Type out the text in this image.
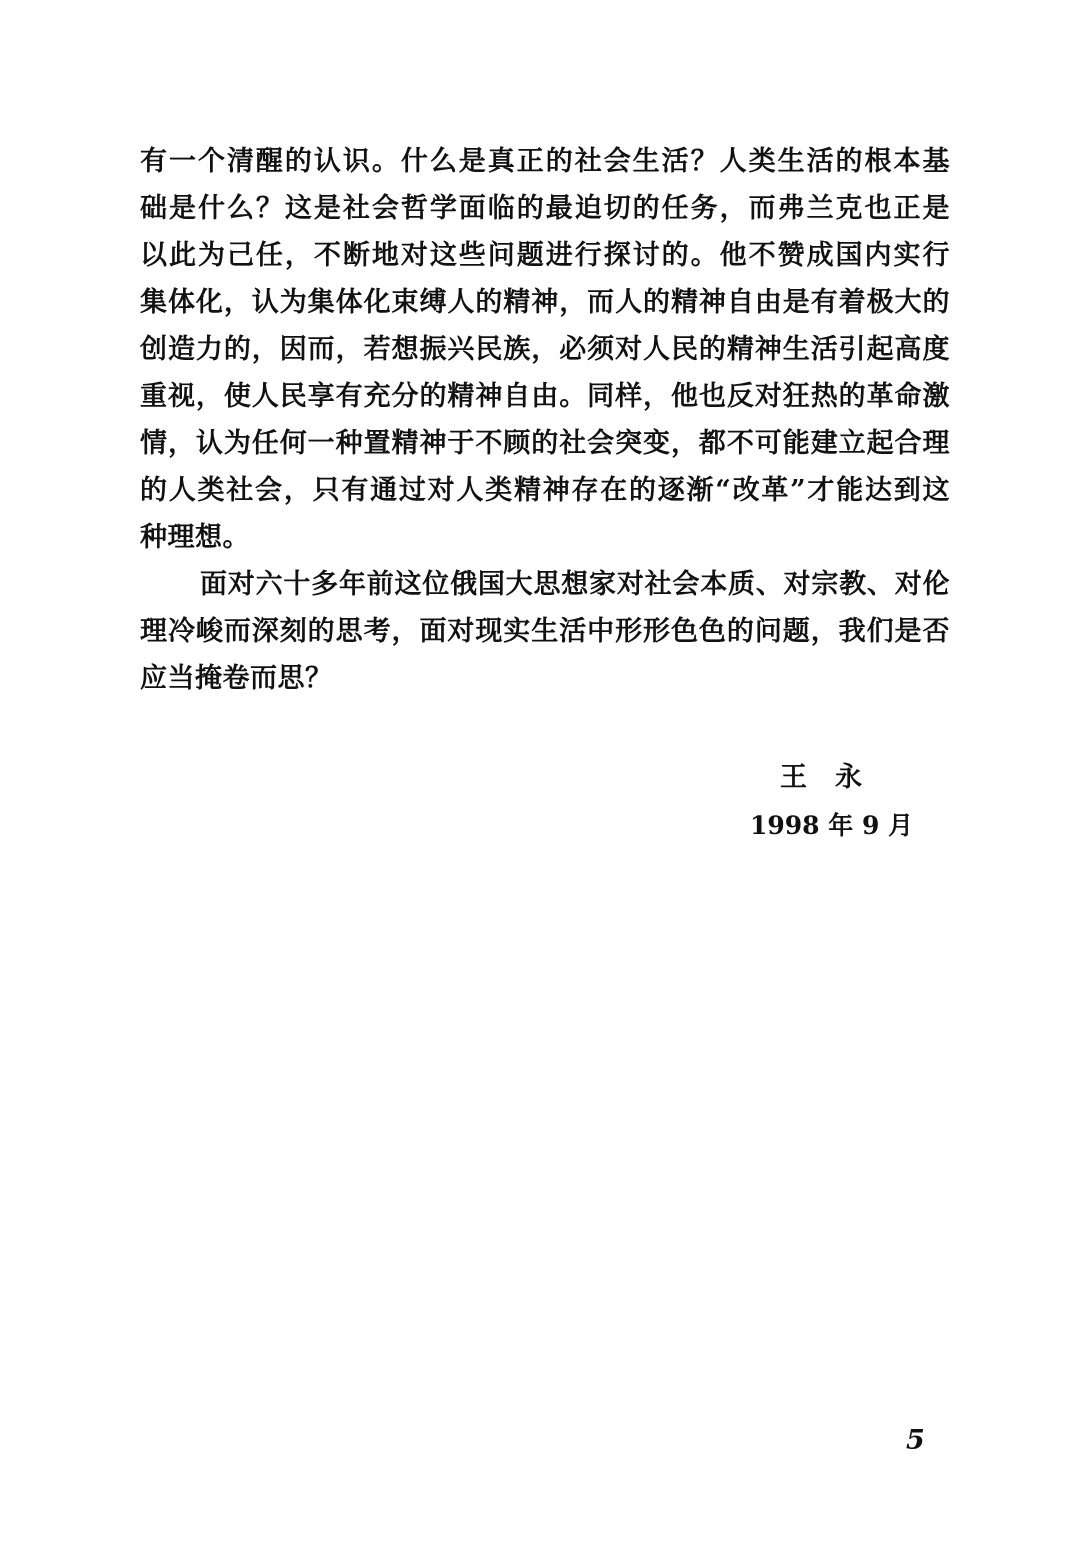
有一个清醒的认识。什么是真正的社会生活？人类生活的根本基
础是什么？这是社会哲学面临的最迫切的任务，而弗兰克也正是
以此为己任，不断地对这些问题进行探讨的。他不赞成国内实行
集体化，认为集体化束缚人的精神，而人的精神自由是有着极大的
创造力的，因而，若想振兴民族，必须对人民的精神生活引起高度
重视，使人民享有充分的精神自由。同样，他也反对狂热的革命激
情，认为任何一种置精神于不顾的社会突变，都不可能建立起合理
的人类社会，只有通过对人类精神存在的逐渐“改革”才能达到这
种理想。
面对六十多年前这位俄国大思想家对社会本质、对宗教、对伦
理冷峻而深刻的思考，面对现实生活中形形色色的问题，我们是否
应当掩卷而思？
王永
1998 年 9 月
5
